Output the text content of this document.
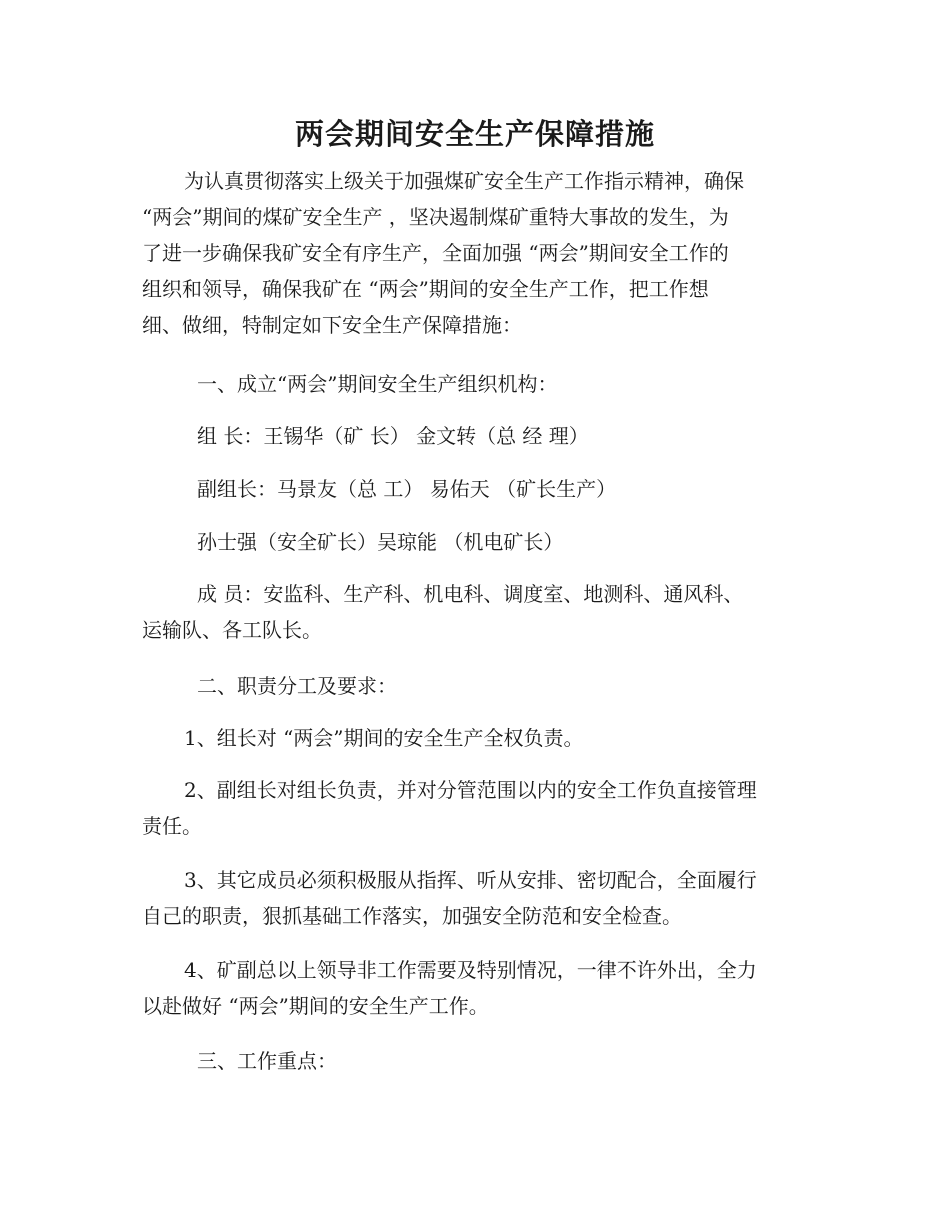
两会期间安全生产保障措施
为认真贯彻落实上级关于加强煤矿安全生产工作指示精神，确保
“两会”期间的煤矿安全生产 ，坚决遏制煤矿重特大事故的发生，为
了进一步确保我矿安全有序生产，全面加强 “两会”期间安全工作的
组织和领导，确保我矿在 “两会”期间的安全生产工作，把工作想
细、做细，特制定如下安全生产保障措施：
一、成立“两会”期间安全生产组织机构：
组 长：王锡华（矿 长） 金文转（总 经 理）
副组长：马景友（总 工） 易佑天 （矿长生产）
孙士强（安全矿长）吴琼能 （机电矿长）
成 员：安监科、生产科、机电科、调度室、地测科、通风科、
运输队、各工队长。
二、职责分工及要求：
1、组长对 “两会”期间的安全生产全权负责。
2、副组长对组长负责，并对分管范围以内的安全工作负直接管理
责任。
3、其它成员必须积极服从指挥、听从安排、密切配合，全面履行
自己的职责，狠抓基础工作落实，加强安全防范和安全检查。
4、矿副总以上领导非工作需要及特别情况，一律不许外出，全力
以赴做好 “两会”期间的安全生产工作。
三、工作重点：
